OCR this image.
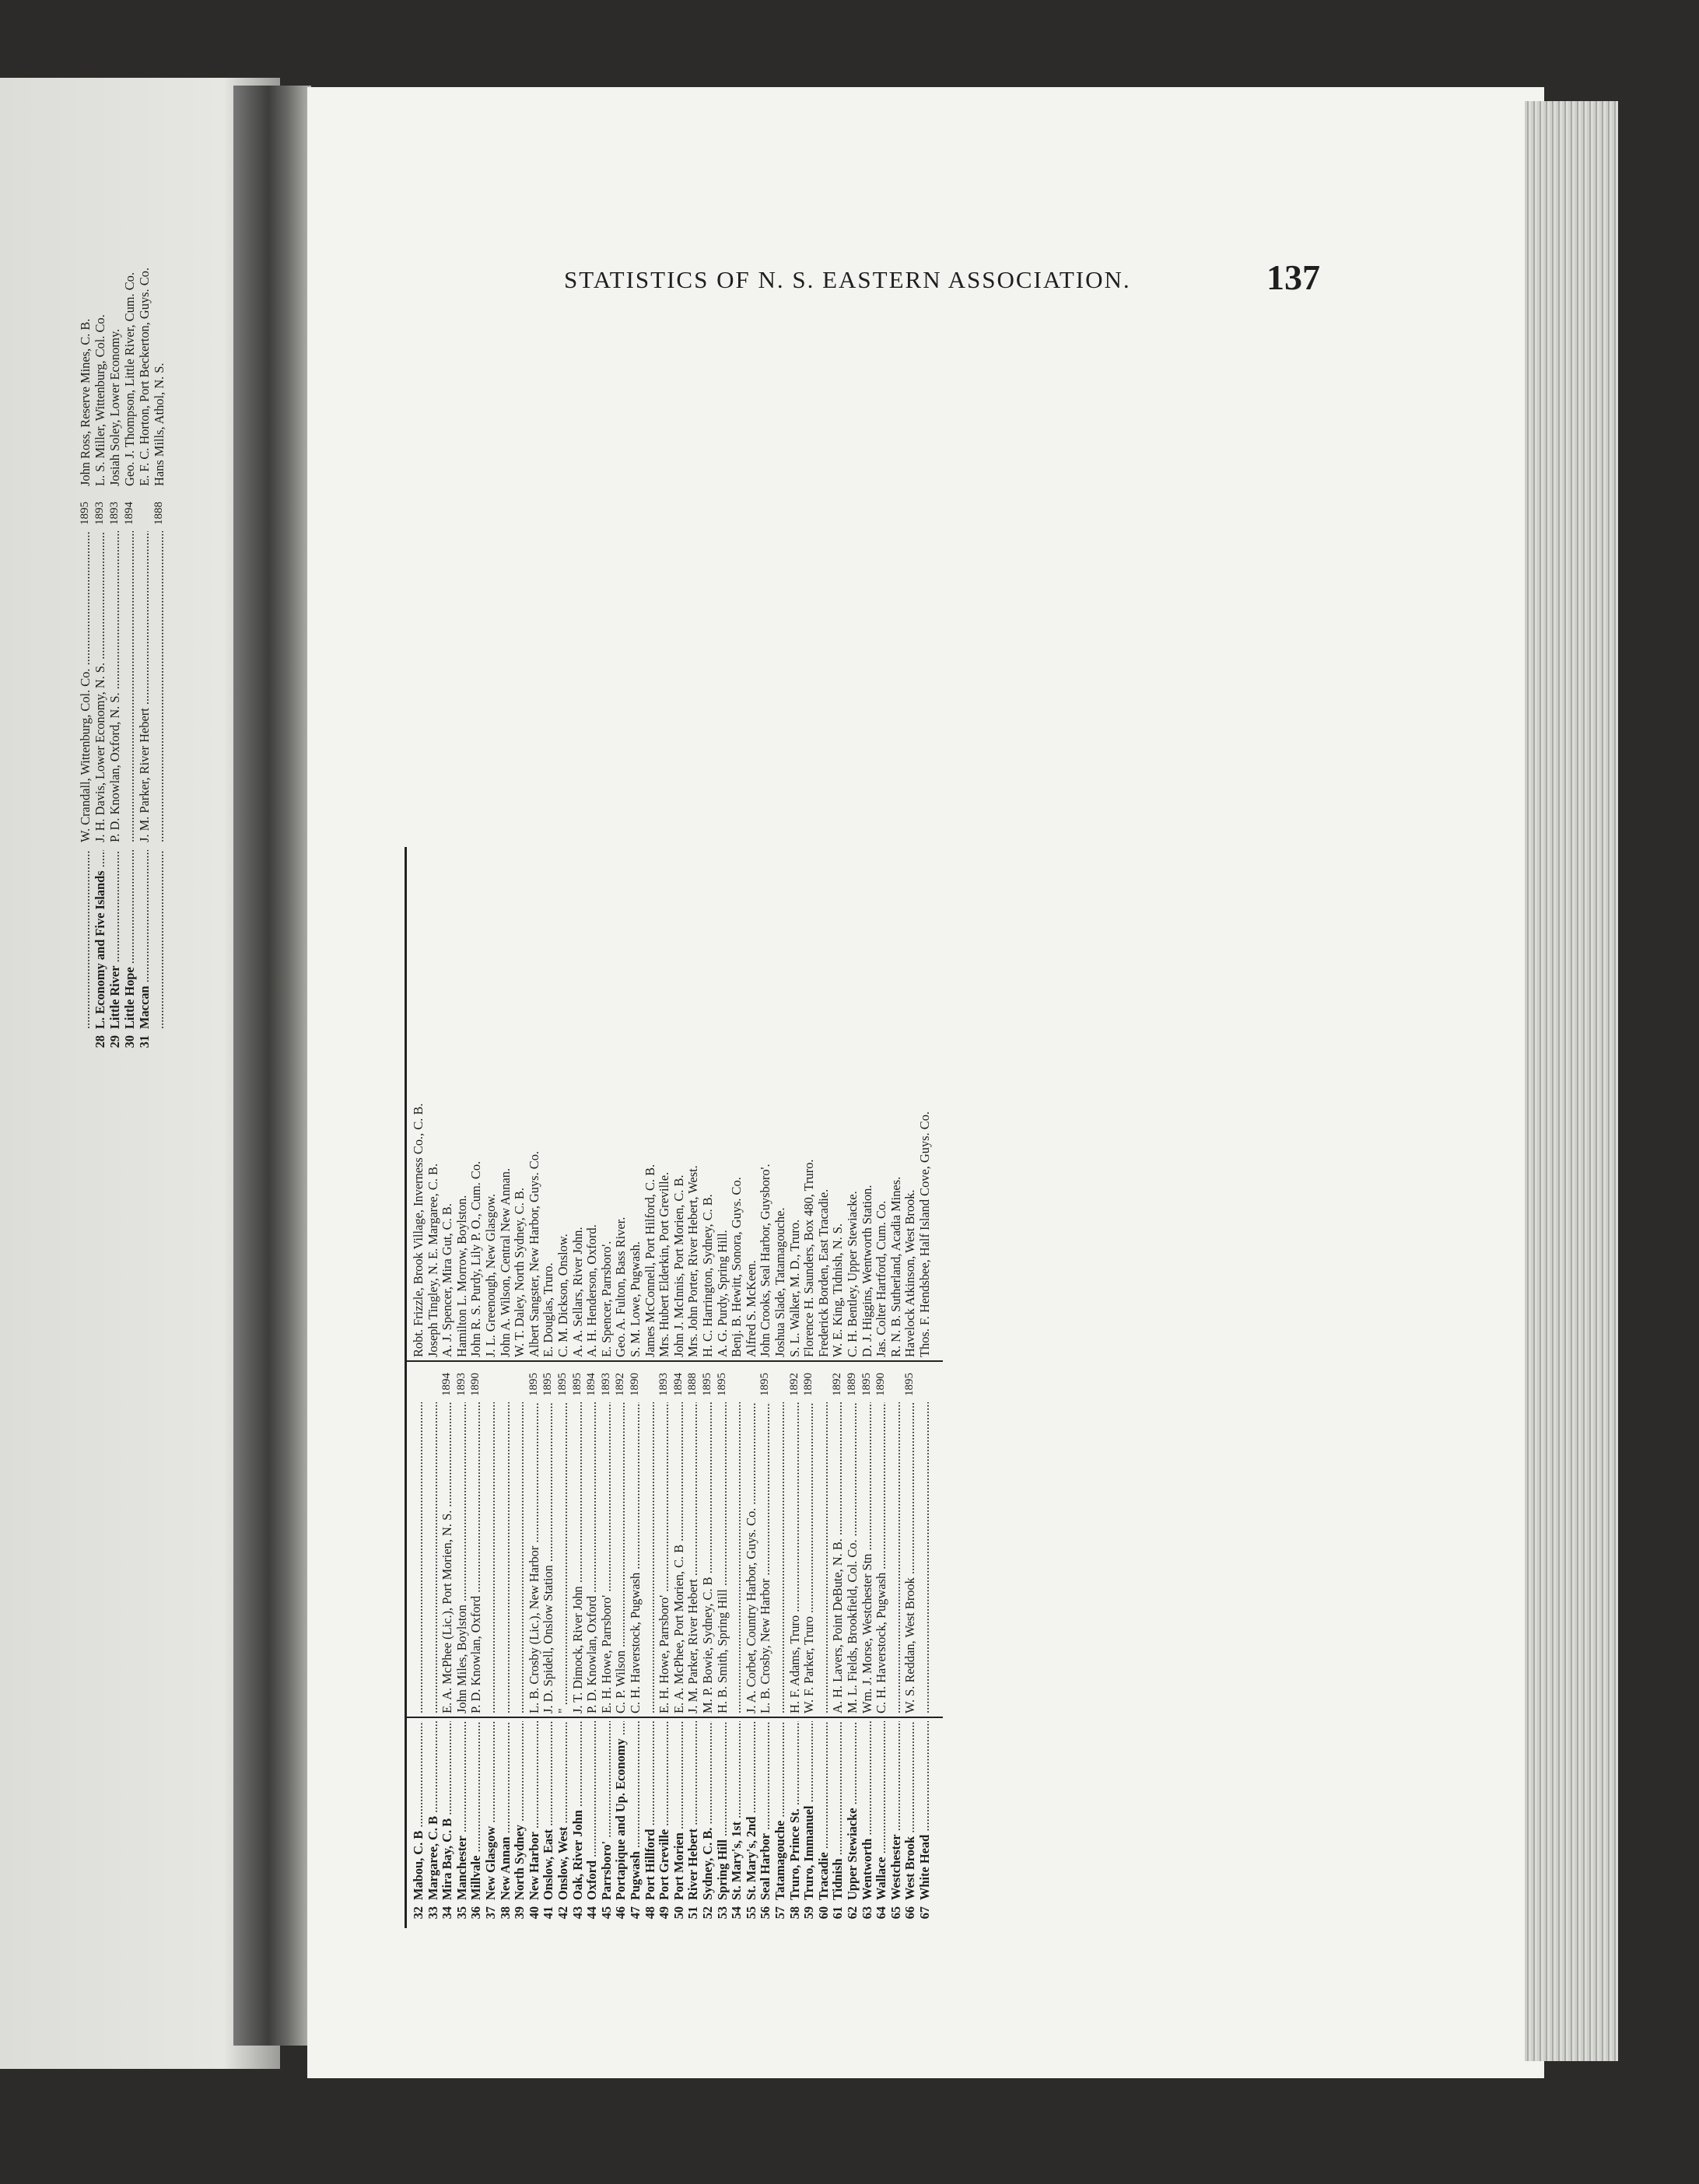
.....
W. Crandall, Wittenburg, Col. Co. .....
1895
John Ross, Reserve Mines, C. B.
28
L. Economy and Five Islands .....
J. H. Davis, Lower Economy, N. S. .....
1893
L. S. Miller, Wittenburg, Col. Co.
29
Little River .....
P. D. Knowlan, Oxford, N. S. .....
1893
Josiah Soley, Lower Economy.
30
Little Hope .....
.....
1894
Geo. J. Thompson, Little River, Cum. Co.
31
Maccan .....
J. M. Parker, River Hebert .....
E. F. C. Horton, Port Beckerton, Guys. Co.
.....
.....
1888
Hans Mills, Athol, N. S.
STATISTICS OF N. S. EASTERN ASSOCIATION.	137
32
Mabou, C. B .....
.....
Robt. Frizzle, Brook Village, Inverness Co., C. B.
33
Margaree, C. B .....
.....
Joseph Tingley, N. E. Margaree, C. B.
34
Mira Bay, C. B .....
E. A. McPhee (Lic.), Port Morien, N. S. .....
1894
A. J. Spencer, Mira Gut, C. B.
35
Manchester .....
John Miles, Boylston .....
1893
Hamilton L. Morrow, Boylston.
36
Millvale .....
P. D. Knowlan, Oxford .....
1890
John R. S. Purdy, Lily P. O., Cum. Co.
37
New Glasgow .....
.....
J. L. Greenough, New Glasgow.
38
New Annan .....
.....
John A. Wilson, Central New Annan.
39
North Sydney .....
.....
W. T. Daley, North Sydney, C. B.
40
New Harbor .....
L. B. Crosby (Lic.), New Harbor .....
1895
Albert Sangster, New Harbor, Guys. Co.
41
Onslow, East .....
J. D. Spidell, Onslow Station .....
1895
E. Douglas, Truro.
42
Onslow, West .....
" .....
1895
C. M. Dickson, Onslow.
43
Oak, River John .....
J. T. Dimock, River John .....
1895
A. A. Sellars, River John.
44
Oxford .....
P. D. Knowlan, Oxford .....
1894
A. H. Henderson, Oxford.
45
Parrsboro' .....
E. H. Howe, Parrsboro' .....
1893
E. Spencer, Parrsboro'.
46
Portapique and Up. Economy .....
C. P. Wilson .....
1892
Geo. A. Fulton, Bass River.
47
Pugwash .....
C. H. Haverstock, Pugwash .....
1890
S. M. Lowe, Pugwash.
48
Port Hillford .....
.....
James McConnell, Port Hilford, C. B.
49
Port Greville .....
E. H. Howe, Parrsboro' .....
1893
Mrs. Hubert Elderkin, Port Greville.
50
Port Morien .....
E. A. McPhee, Port Morien, C. B .....
1894
John J. McInnis, Port Morien, C. B.
51
River Hebert .....
J. M. Parker, River Hebert .....
1888
Mrs. John Porter, River Hebert, West.
52
Sydney, C. B. .....
M. P. Bowie, Sydney, C. B .....
1895
H. C. Harrington, Sydney, C. B.
53
Spring Hill .....
H. B. Smith, Spring Hill .....
1895
A. G. Purdy, Spring Hill.
54
St. Mary's, 1st .....
.....
Benj. B. Hewitt, Sonora, Guys. Co.
55
St. Mary's, 2nd .....
J. A. Corbet, Country Harbor, Guys. Co. .....
Alfred S. McKeen.
56
Seal Harbor .....
L. B. Crosby, New Harbor .....
1895
John Crooks, Seal Harbor, Guysboro'.
57
Tatamagouche .....
.....
Joshua Slade, Tatamagouche.
58
Truro, Prince St. .....
H. F. Adams, Truro .....
1892
S. L. Walker, M. D., Truro.
59
Truro, Immanuel .....
W. F. Parker, Truro .....
1890
Florence H. Saunders, Box 480, Truro.
60
Tracadie .....
.....
Frederick Borden, East Tracadie.
61
Tidnish .....
A. H. Lavers, Point DeBute, N. B. .....
1892
W. E. King, Tidnish, N. S.
62
Upper Stewiacke .....
M. L. Fields, Brookfield, Col. Co. .....
1889
C. H. Bentley, Upper Stewiacke.
63
Wentworth .....
Wm. J. Morse, Westchester Stn .....
1895
D. J. Higgins, Wentworth Station.
64
Wallace .....
C. H. Haverstock, Pugwash .....
1890
Jas. Colter Hartford, Cum. Co.
65
Westchester .....
.....
R. N. B. Sutherland, Acadia Mines.
66
West Brook .....
W. S. Reddan, West Brook .....
1895
Havelock Atkinson, West Brook.
67
White Head .....
.....
Thos. F. Hendsbee, Half Island Cove, Guys. Co.
